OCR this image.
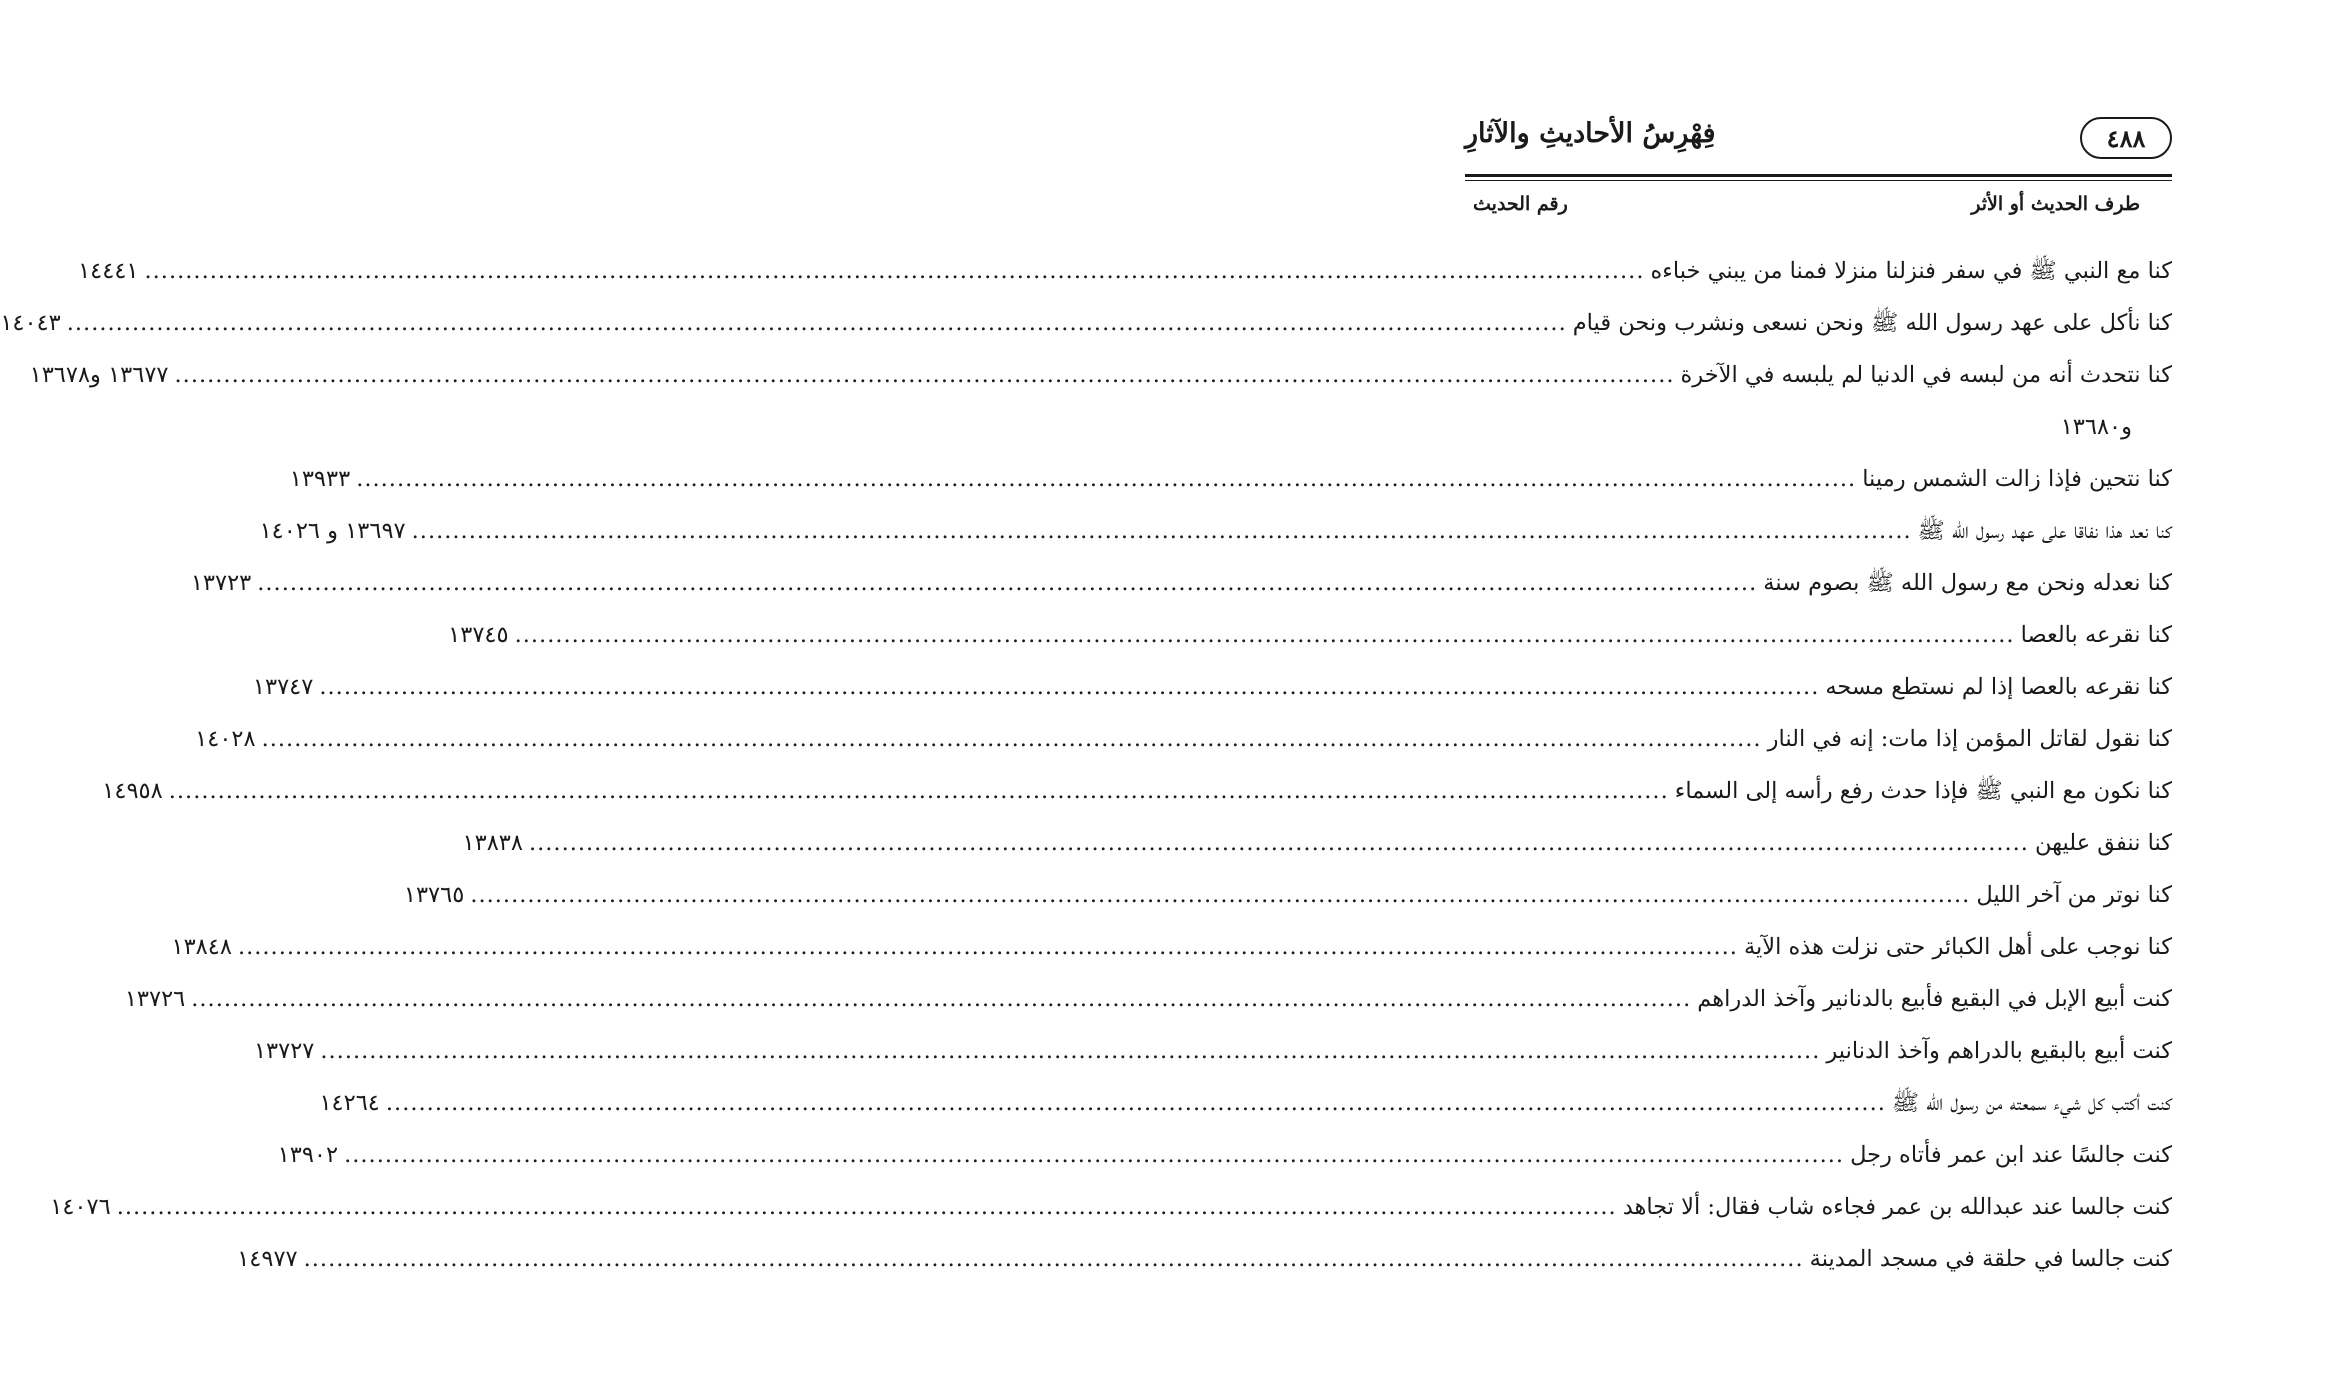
٤٨٨
فِهْرِسُ الأحاديثِ والآثارِ
طرف الحديث أو الأثر
رقم الحديث
كنا مع النبي ﷺ في سفر فنزلنا منزلا فمنا من يبني خباءه
.....
١٤٤٤١
كنا نأكل على عهد رسول الله ﷺ ونحن نسعى ونشرب ونحن قيام
.....
١٤٠٤٣
كنا نتحدث أنه من لبسه في الدنيا لم يلبسه في الآخرة
.....
١٣٦٧٧ و١٣٦٧٨
و١٣٦٨٠
كنا نتحين فإذا زالت الشمس رمينا
.....
١٣٩٣٣
كنا نعد هذا نفاقا على عهد رسول الله ﷺ
.....
١٣٦٩٧ و ١٤٠٢٦
كنا نعدله ونحن مع رسول الله ﷺ بصوم سنة
.....
١٣٧٢٣
كنا نقرعه بالعصا
.....
١٣٧٤٥
كنا نقرعه بالعصا إذا لم نستطع مسحه
.....
١٣٧٤٧
كنا نقول لقاتل المؤمن إذا مات: إنه في النار
.....
١٤٠٢٨
كنا نكون مع النبي ﷺ فإذا حدث رفع رأسه إلى السماء
.....
١٤٩٥٨
كنا ننفق عليهن
.....
١٣٨٣٨
كنا نوتر من آخر الليل
.....
١٣٧٦٥
كنا نوجب على أهل الكبائر حتى نزلت هذه الآية
.....
١٣٨٤٨
كنت أبيع الإبل في البقيع فأبيع بالدنانير وآخذ الدراهم
.....
١٣٧٢٦
كنت أبيع بالبقيع بالدراهم وآخذ الدنانير
.....
١٣٧٢٧
كنت أكتب كل شيء سمعته من رسول الله ﷺ
.....
١٤٢٦٤
كنت جالسًا عند ابن عمر فأتاه رجل
.....
١٣٩٠٢
كنت جالسا عند عبدالله بن عمر فجاءه شاب فقال: ألا تجاهد
.....
١٤٠٧٦
كنت جالسا في حلقة في مسجد المدينة
.....
١٤٩٧٧
